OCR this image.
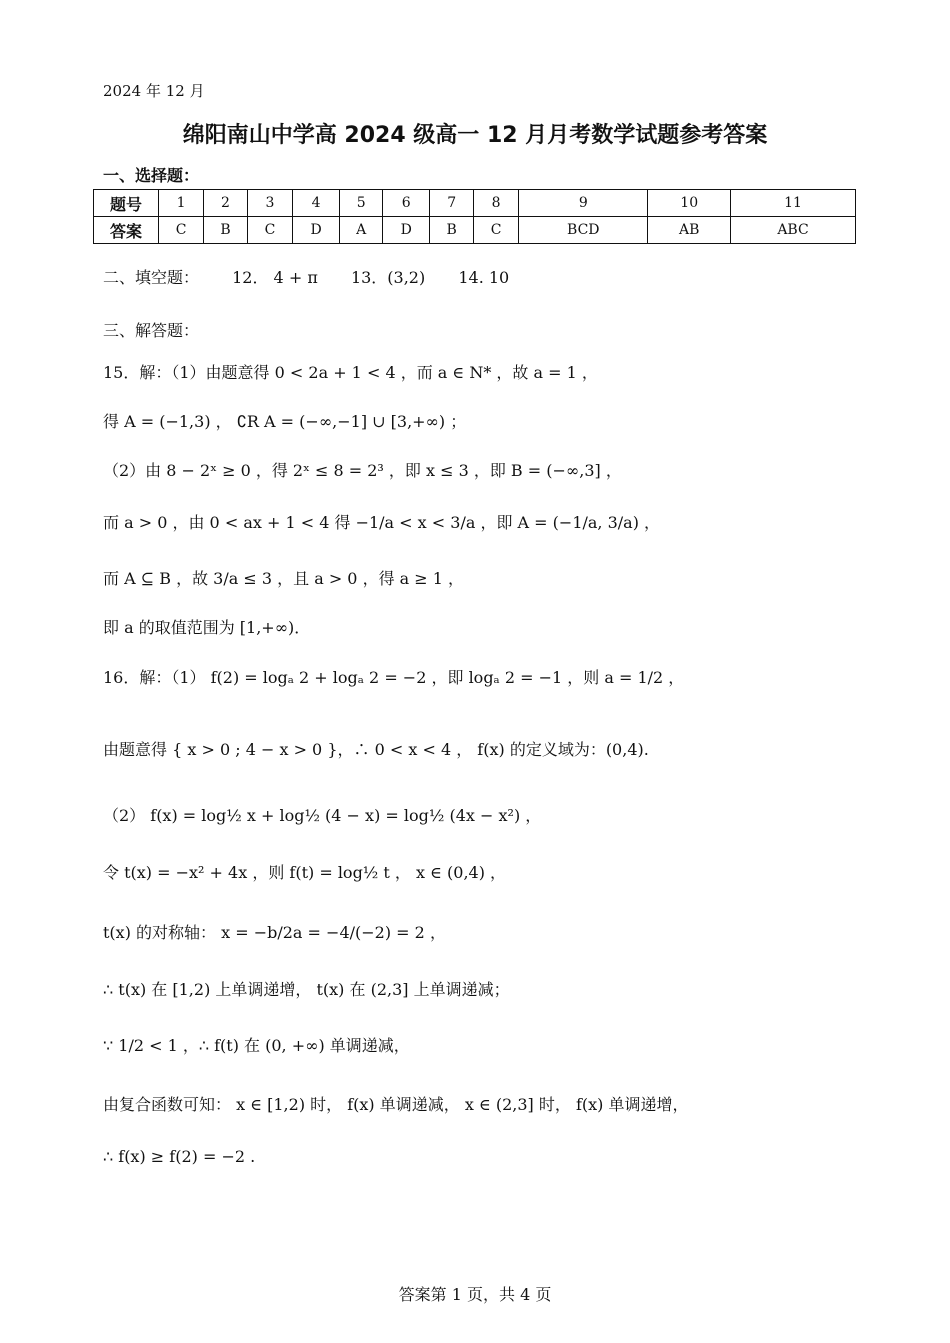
2024 年 12 月
绵阳南山中学高 2024 级高一 12 月月考数学试题参考答案
一、选择题：
题号	1	2	3	4	5	6	7	8	9	10	11
答案	C	B	C	D	A	D	B	C	BCD	AB	ABC
二、填空题： 12． 4 + π 13．(3,2) 14. 10
三、解答题：
15．解：（1）由题意得 0 < 2a + 1 < 4 ，而 a ∈ N* ，故 a = 1 ，
得 A = (−1,3) ， ∁R A = (−∞,−1] ∪ [3,+∞) ；
（2）由 8 − 2ˣ ≥ 0 ，得 2ˣ ≤ 8 = 2³ ，即 x ≤ 3 ，即 B = (−∞,3] ，
而 a > 0 ，由 0 < ax + 1 < 4 得 −1/a < x < 3/a ，即 A = (−1/a, 3/a) ，
而 A ⊆ B ，故 3/a ≤ 3 ，且 a > 0 ，得 a ≥ 1 ，
即 a 的取值范围为 [1,+∞)．
16．解：（1） f(2) = logₐ 2 + logₐ 2 = −2 ，即 logₐ 2 = −1 ，则 a = 1/2 ，
由题意得 { x > 0 ; 4 − x > 0 }，∴ 0 < x < 4 ， f(x) 的定义域为：(0,4).
（2） f(x) = log½ x + log½ (4 − x) = log½ (4x − x²) ，
令 t(x) = −x² + 4x ，则 f(t) = log½ t ， x ∈ (0,4) ，
t(x) 的对称轴： x = −b/2a = −4/(−2) = 2 ，
∴ t(x) 在 [1,2) 上单调递增， t(x) 在 (2,3] 上单调递减；
∵ 1/2 < 1 ，∴ f(t) 在 (0, +∞) 单调递减，
由复合函数可知： x ∈ [1,2) 时， f(x) 单调递减， x ∈ (2,3] 时， f(x) 单调递增，
∴ f(x) ≥ f(2) = −2 .
答案第 1 页，共 4 页
